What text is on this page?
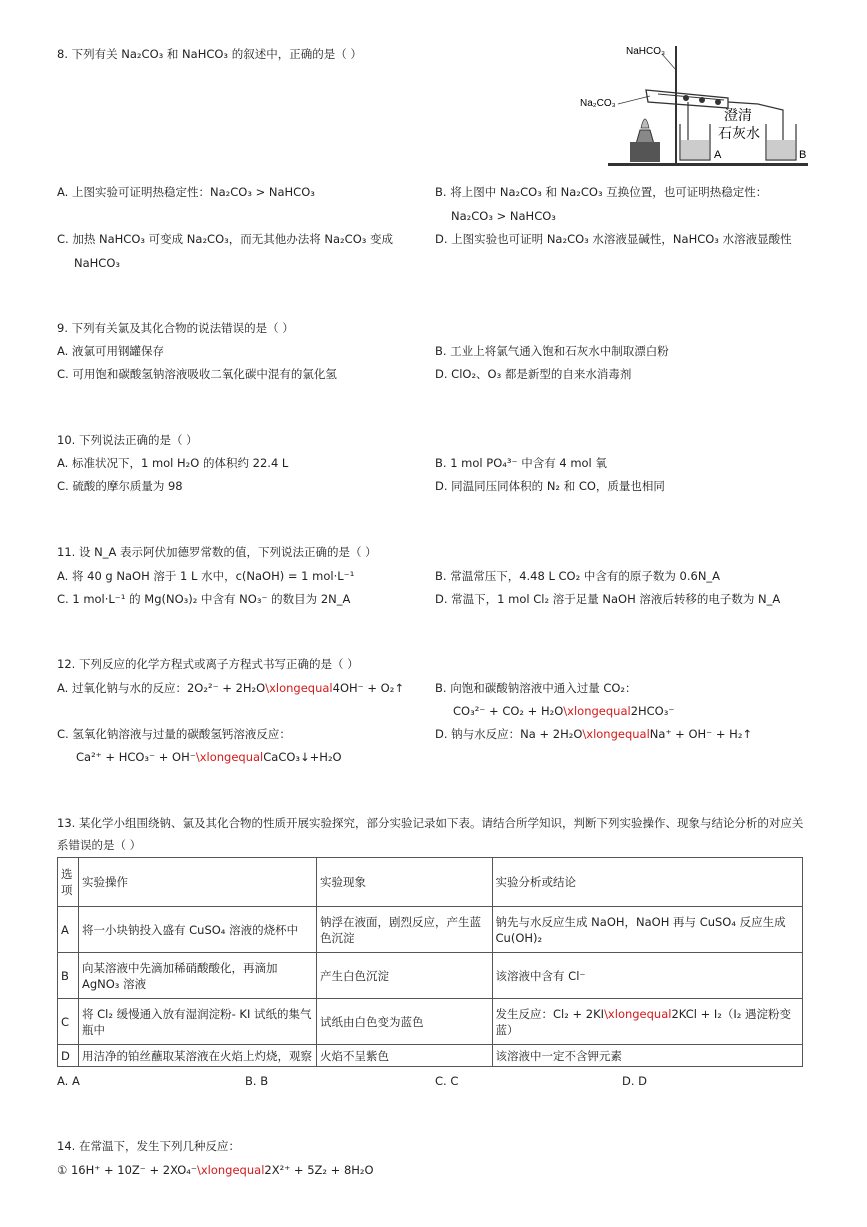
8. 下列有关 Na₂CO₃ 和 NaHCO₃ 的叙述中，正确的是（ ）	NaHCO₃
Na₂CO₃
澄清
石灰水
A	B
A. 上图实验可证明热稳定性：Na₂CO₃ > NaHCO₃	B. 将上图中 Na₂CO₃ 和 Na₂CO₃ 互换位置，也可证明热稳定性：
Na₂CO₃ > NaHCO₃
C. 加热 NaHCO₃ 可变成 Na₂CO₃，而无其他办法将 Na₂CO₃ 变成
NaHCO₃
D. 上图实验也可证明 Na₂CO₃ 水溶液显碱性，NaHCO₃ 水溶液显酸性
9. 下列有关氯及其化合物的说法错误的是（ ）
A. 液氯可用钢罐保存	B. 工业上将氯气通入饱和石灰水中制取漂白粉
C. 可用饱和碳酸氢钠溶液吸收二氧化碳中混有的氯化氢	D. ClO₂、O₃ 都是新型的自来水消毒剂
10. 下列说法正确的是（ ）
A. 标准状况下，1 mol H₂O 的体积约 22.4 L	B. 1 mol PO₄³⁻ 中含有 4 mol 氧
C. 硫酸的摩尔质量为 98	D. 同温同压同体积的 N₂ 和 CO，质量也相同
11. 设 N_A 表示阿伏加德罗常数的值，下列说法正确的是（ ）
A. 将 40 g NaOH 溶于 1 L 水中，c(NaOH) = 1 mol·L⁻¹	B. 常温常压下，4.48 L CO₂ 中含有的原子数为 0.6N_A
C. 1 mol·L⁻¹ 的 Mg(NO₃)₂ 中含有 NO₃⁻ 的数目为 2N_A	D. 常温下，1 mol Cl₂ 溶于足量 NaOH 溶液后转移的电子数为 N_A
12. 下列反应的化学方程式或离子方程式书写正确的是（ ）
A. 过氧化钠与水的反应：2O₂²⁻ + 2H₂O\xlongequal4OH⁻ + O₂↑	B. 向饱和碳酸钠溶液中通入过量 CO₂：
CO₃²⁻ + CO₂ + H₂O\xlongequal2HCO₃⁻
C. 氢氧化钠溶液与过量的碳酸氢钙溶液反应：
Ca²⁺ + HCO₃⁻ + OH⁻\xlongequalCaCO₃↓+H₂O
D. 钠与水反应：Na + 2H₂O\xlongequalNa⁺ + OH⁻ + H₂↑
13. 某化学小组围绕钠、氯及其化合物的性质开展实验探究，部分实验记录如下表。请结合所学知识，判断下列实验操作、现象与结论分析的对应关
系错误的是（ ）
选
项	实验操作	实验现象	实验分析或结论
A	将一小块钠投入盛有 CuSO₄ 溶液的烧杯中	钠浮在液面，剧烈反应，产生蓝色沉淀	钠先与水反应生成 NaOH，NaOH 再与 CuSO₄ 反应生成 Cu(OH)₂
B	向某溶液中先滴加稀硝酸酸化，再滴加 AgNO₃ 溶液	产生白色沉淀	该溶液中含有 Cl⁻
C	将 Cl₂ 缓慢通入放有湿润淀粉- KI 试纸的集气瓶中	试纸由白色变为蓝色	发生反应：Cl₂ + 2KI\xlongequal2KCl + I₂（I₂ 遇淀粉变蓝）
D	用洁净的铂丝蘸取某溶液在火焰上灼烧，观察	火焰不呈紫色	该溶液中一定不含钾元素
A. A	B. B	C. C	D. D
14. 在常温下，发生下列几种反应：
① 16H⁺ + 10Z⁻ + 2XO₄⁻\xlongequal2X²⁺ + 5Z₂ + 8H₂O
